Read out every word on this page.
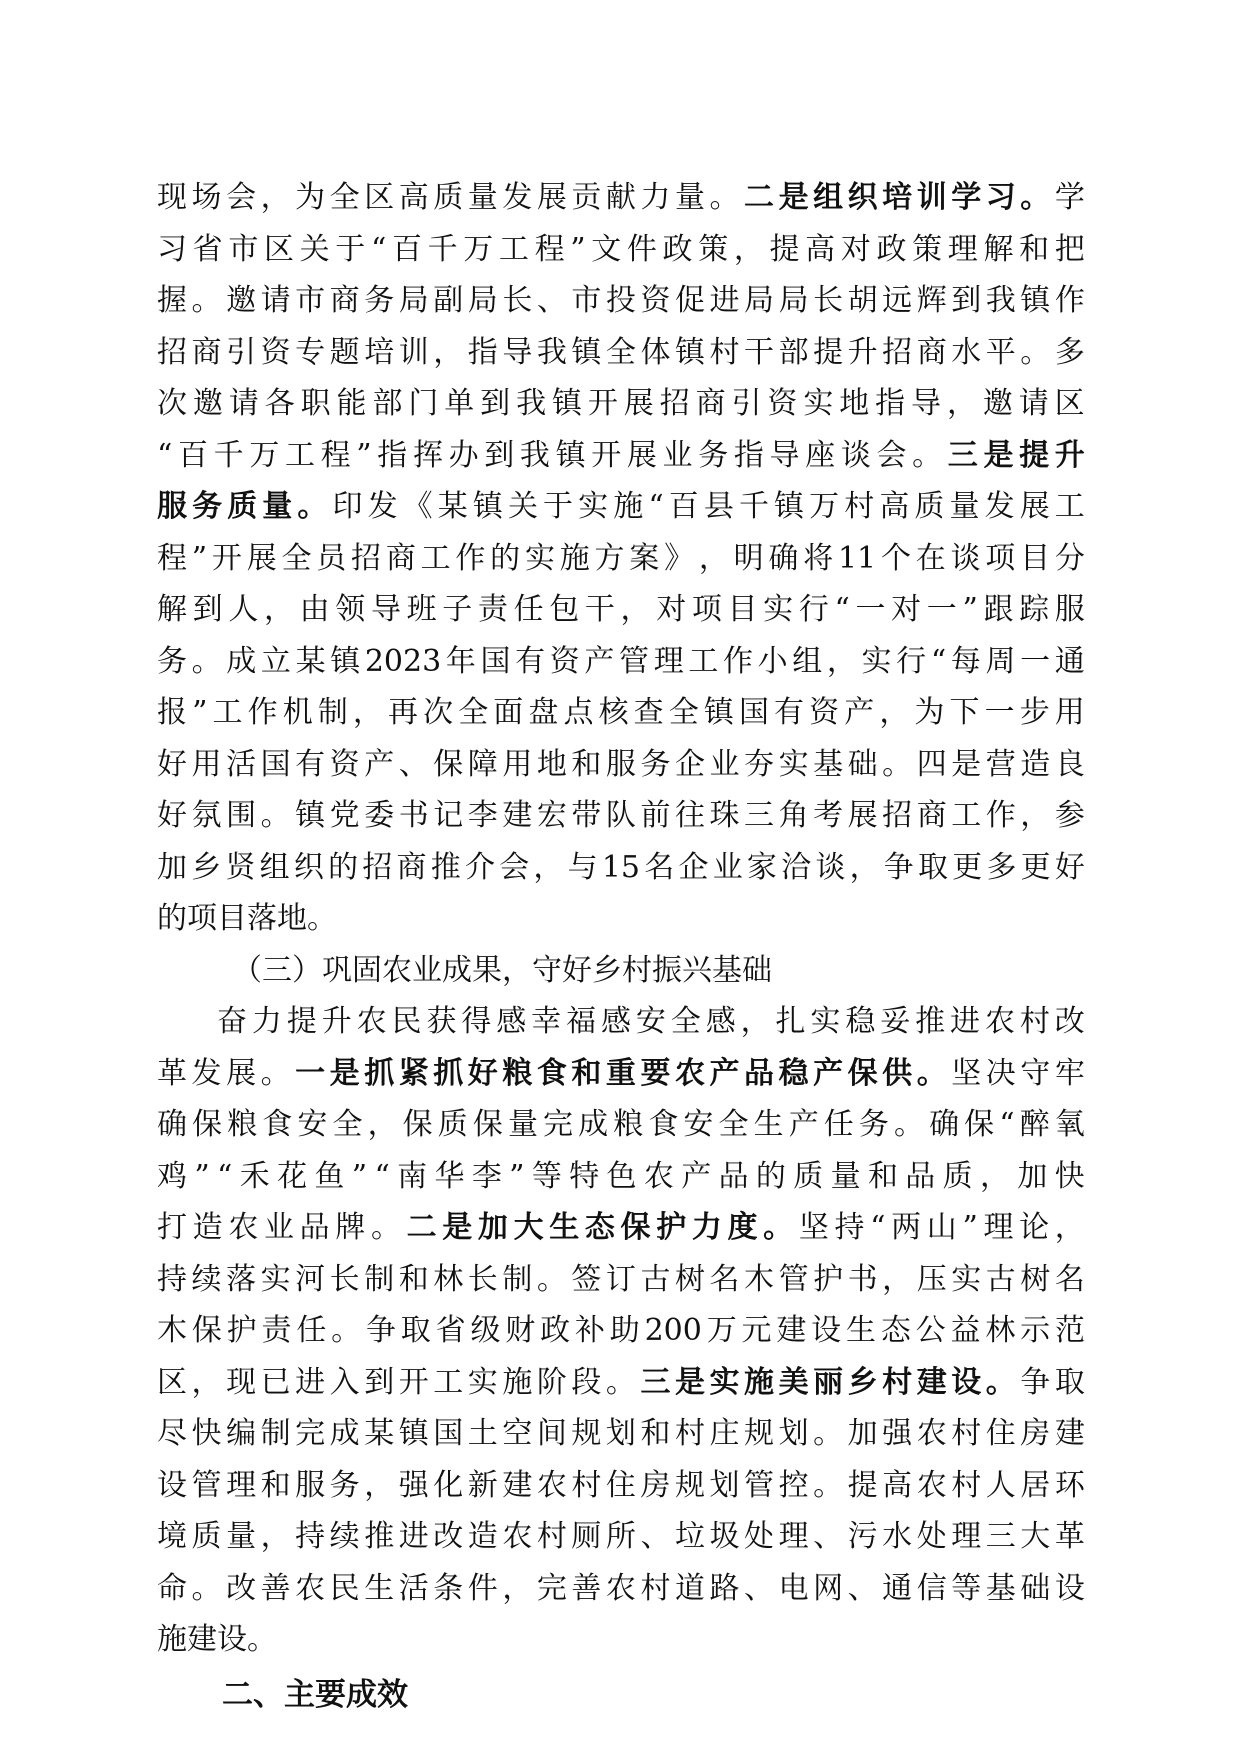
现 场 会 ， 为 全 区 高 质 量 发 展 贡 献 力 量 。 二 是 组 织 培 训 学 习 。 学
习 省 市 区 关 于 “ 百 千 万 工 程 ” 文 件 政 策 ， 提 高 对 政 策 理 解 和 把
握 。 邀 请 市 商 务 局 副 局 长 、 市 投 资 促 进 局 局 长 胡 远 辉 到 我 镇 作
招 商 引 资 专 题 培 训 ， 指 导 我 镇 全 体 镇 村 干 部 提 升 招 商 水 平 。 多
次 邀 请 各 职 能 部 门 单 到 我 镇 开 展 招 商 引 资 实 地 指 导 ， 邀 请 区
“ 百 千 万 工 程 ” 指 挥 办 到 我 镇 开 展 业 务 指 导 座 谈 会 。 三 是 提 升
服 务 质 量 。 印 发 《 某 镇 关 于 实 施 “ 百 县 千 镇 万 村 高 质 量 发 展 工
程 ” 开 展 全 员 招 商 工 作 的 实 施 方 案 》 ， 明 确 将 11 个 在 谈 项 目 分
解 到 人 ， 由 领 导 班 子 责 任 包 干 ， 对 项 目 实 行 “ 一 对 一 ” 跟 踪 服
务 。 成 立 某 镇 2023 年 国 有 资 产 管 理 工 作 小 组 ， 实 行 “ 每 周 一 通
报 ” 工 作 机 制 ， 再 次 全 面 盘 点 核 查 全 镇 国 有 资 产 ， 为 下 一 步 用
好 用 活 国 有 资 产 、 保 障 用 地 和 服 务 企 业 夯 实 基 础 。 四 是 营 造 良
好 氛 围 。 镇 党 委 书 记 李 建 宏 带 队 前 往 珠 三 角 考 展 招 商 工 作 ， 参
加 乡 贤 组 织 的 招 商 推 介 会 ， 与 15 名 企 业 家 洽 谈 ， 争 取 更 多 更 好
的 项 目 落 地 。
（ 三 ） 巩 固 农 业 成 果 ， 守 好 乡 村 振 兴 基 础
奋 力 提 升 农 民 获 得 感 幸 福 感 安 全 感 ， 扎 实 稳 妥 推 进 农 村 改
革 发 展 。 一 是 抓 紧 抓 好 粮 食 和 重 要 农 产 品 稳 产 保 供 。 坚 决 守 牢
确 保 粮 食 安 全 ， 保 质 保 量 完 成 粮 食 安 全 生 产 任 务 。 确 保 “ 醉 氧
鸡 ” “ 禾 花 鱼 ” “ 南 华 李 ” 等 特 色 农 产 品 的 质 量 和 品 质 ， 加 快
打 造 农 业 品 牌 。 二 是 加 大 生 态 保 护 力 度 。 坚 持 “ 两 山 ” 理 论 ，
持 续 落 实 河 长 制 和 林 长 制 。 签 订 古 树 名 木 管 护 书 ， 压 实 古 树 名
木 保 护 责 任 。 争 取 省 级 财 政 补 助 200 万 元 建 设 生 态 公 益 林 示 范
区 ， 现 已 进 入 到 开 工 实 施 阶 段 。 三 是 实 施 美 丽 乡 村 建 设 。 争 取
尽 快 编 制 完 成 某 镇 国 土 空 间 规 划 和 村 庄 规 划 。 加 强 农 村 住 房 建
设 管 理 和 服 务 ， 强 化 新 建 农 村 住 房 规 划 管 控 。 提 高 农 村 人 居 环
境 质 量 ， 持 续 推 进 改 造 农 村 厕 所 、 垃 圾 处 理 、 污 水 处 理 三 大 革
命 。 改 善 农 民 生 活 条 件 ， 完 善 农 村 道 路 、 电 网 、 通 信 等 基 础 设
施 建 设 。
二、主要成效
